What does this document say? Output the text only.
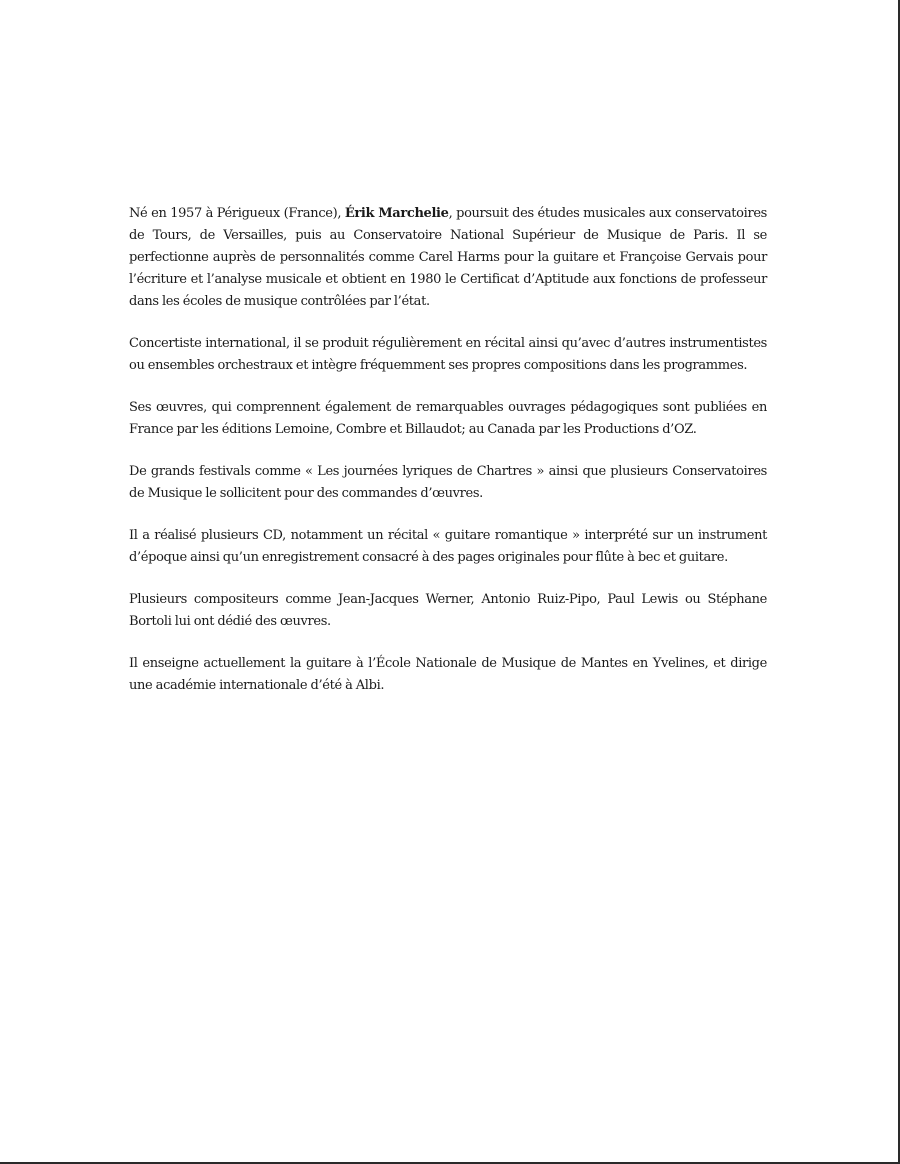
Né en 1957 à Périgueux (France), Érik Marchelie, poursuit des études musicales aux conservatoires de Tours, de Versailles, puis au Conservatoire National Supérieur de Musique de Paris. Il se perfectionne auprès de personnalités comme Carel Harms pour la guitare et Françoise Gervais pour l’écriture et l’analyse musicale et obtient en 1980 le Certificat d’Aptitude aux fonctions de professeur dans les écoles de musique contrôlées par l’état.

Concertiste international, il se produit régulièrement en récital ainsi qu’avec d’autres instrumentistes ou ensembles orchestraux et intègre fréquemment ses propres compositions dans les programmes.

Ses œuvres, qui comprennent également de remarquables ouvrages pédagogiques sont publiées en France par les éditions Lemoine, Combre et Billaudot; au Canada par les Productions d’OZ.

De grands festivals comme « Les journées lyriques de Chartres » ainsi que plusieurs Conservatoires de Musique le sollicitent pour des commandes d’œuvres.

Il a réalisé plusieurs CD, notamment un récital « guitare romantique » interprété sur un instrument d’époque ainsi qu’un enregistrement consacré à des pages originales pour flûte à bec et guitare.

Plusieurs compositeurs comme Jean-Jacques Werner, Antonio Ruiz-Pipo, Paul Lewis ou Stéphane Bortoli lui ont dédié des œuvres.

Il enseigne actuellement la guitare à l’École Nationale de Musique de Mantes en Yvelines, et dirige une académie internationale d’été à Albi.
